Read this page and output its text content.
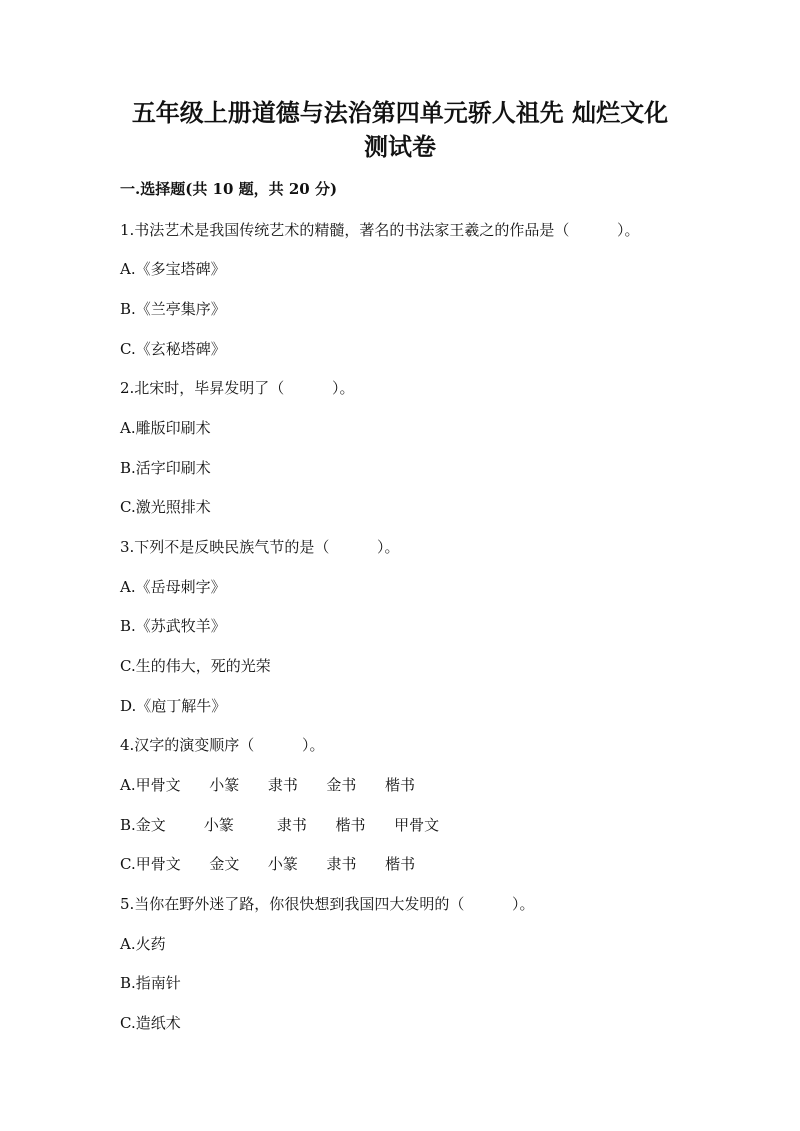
五年级上册道德与法治第四单元骄人祖先 灿烂文化
测试卷
一.选择题(共 10 题，共 20 分)
1.书法艺术是我国传统艺术的精髓，著名的书法家王羲之的作品是（          ）。
A.《多宝塔碑》
B.《兰亭集序》
C.《玄秘塔碑》
2.北宋时，毕昇发明了（          ）。
A.雕版印刷术
B.活字印刷术
C.激光照排术
3.下列不是反映民族气节的是（          ）。
A.《岳母刺字》
B.《苏武牧羊》
C.生的伟大，死的光荣
D.《庖丁解牛》
4.汉字的演变顺序（          ）。
A.甲骨文      小篆      隶书      金书      楷书
B.金文        小篆         隶书      楷书      甲骨文
C.甲骨文      金文      小篆      隶书      楷书
5.当你在野外迷了路，你很快想到我国四大发明的（          ）。
A.火药
B.指南针
C.造纸术
